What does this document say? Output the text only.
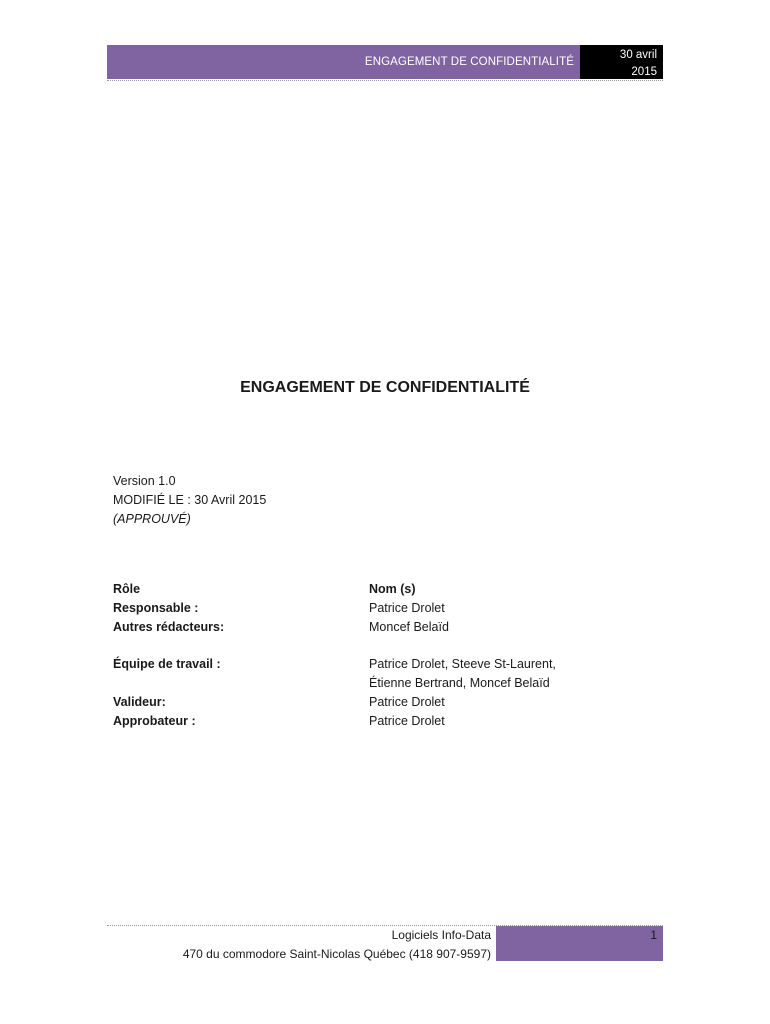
ENGAGEMENT DE CONFIDENTIALITÉ
30 avril
2015
ENGAGEMENT DE CONFIDENTIALITÉ
Version 1.0
MODIFIÉ LE : 30 Avril 2015
(APPROUVÉ)
Rôle	Nom (s)
Responsable :	Patrice Drolet
Autres rédacteurs:	Moncef Belaïd
Équipe de travail :	Patrice Drolet, Steeve St-Laurent,
Étienne Bertrand, Moncef Belaïd
Valideur:	Patrice Drolet
Approbateur :	Patrice Drolet
Logiciels Info-Data
470 du commodore Saint-Nicolas Québec (418 907-9597)
1
